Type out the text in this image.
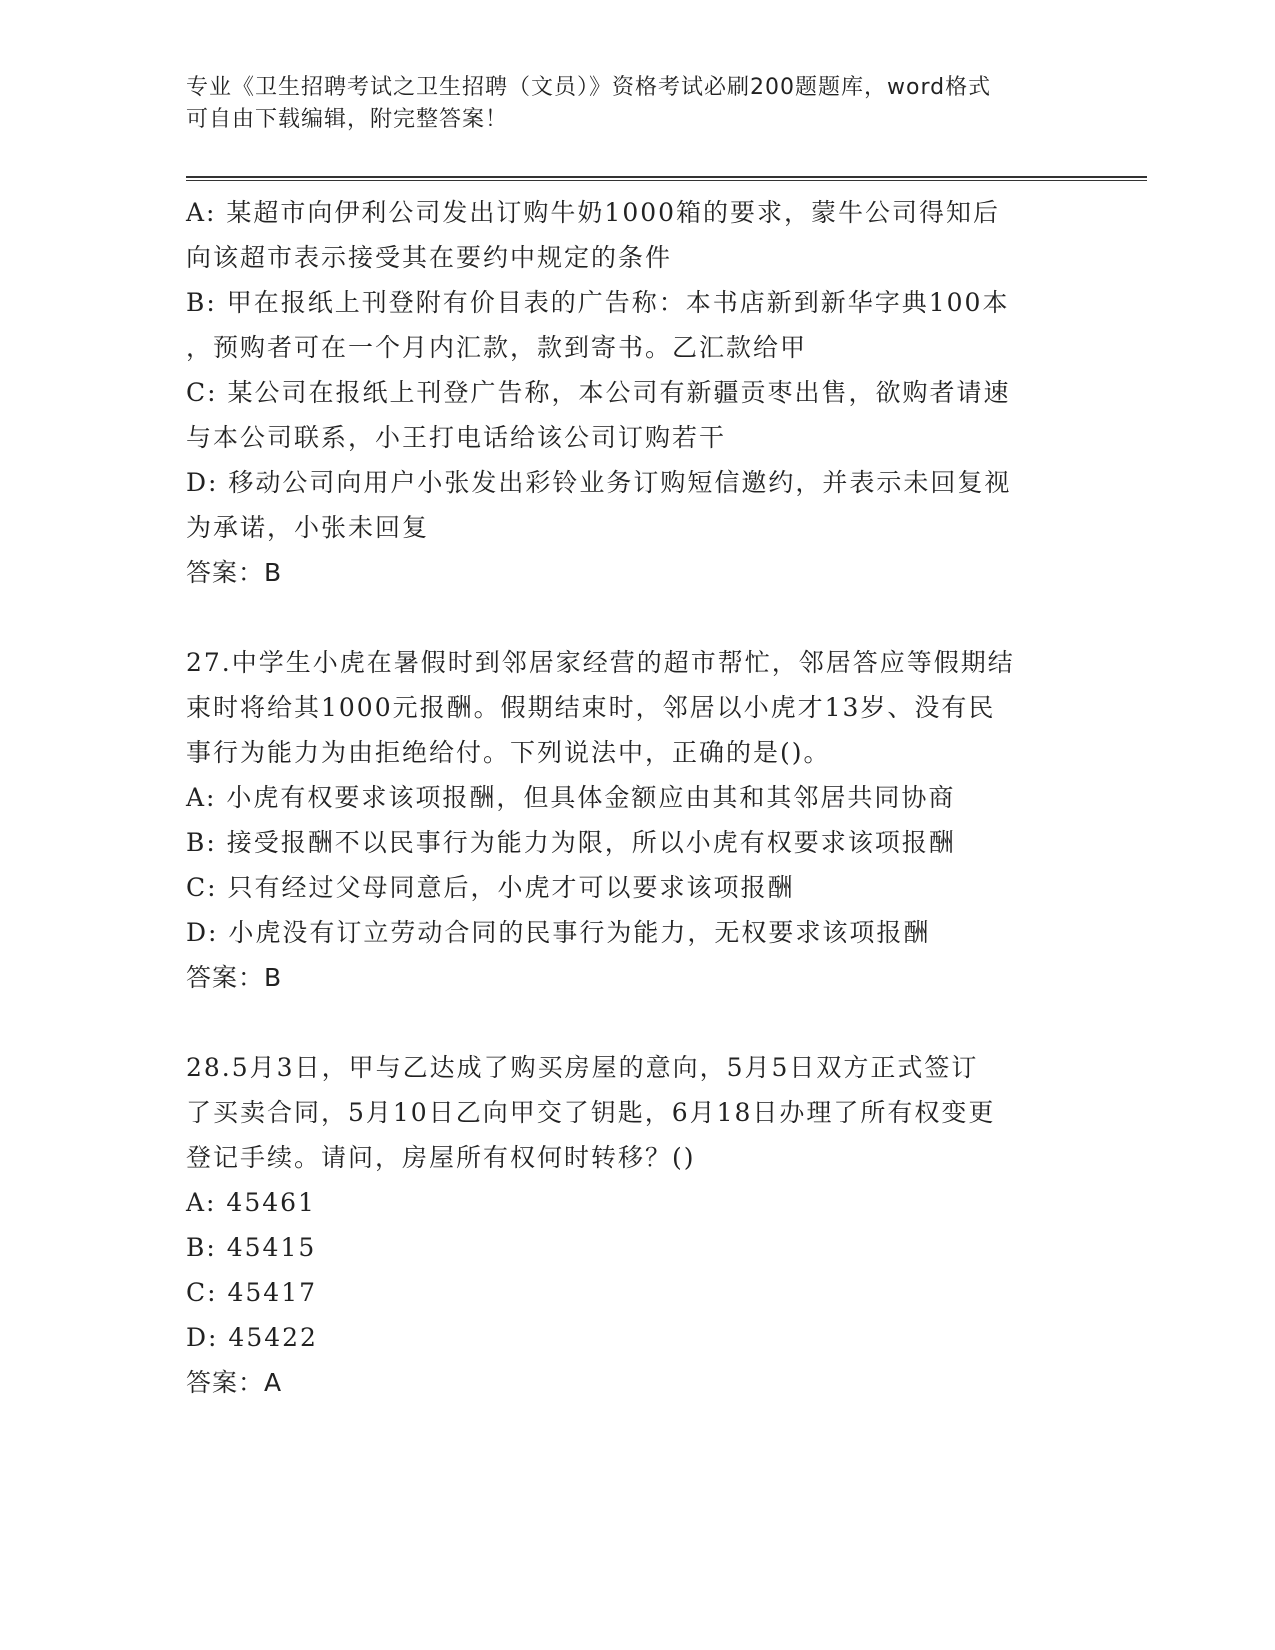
专业《卫生招聘考试之卫生招聘（文员）》资格考试必刷200题题库，word格式
可自由下载编辑，附完整答案！
A: 某超市向伊利公司发出订购牛奶1000箱的要求，蒙牛公司得知后
向该超市表示接受其在要约中规定的条件
B: 甲在报纸上刊登附有价目表的广告称：本书店新到新华字典100本
，预购者可在一个月内汇款，款到寄书。乙汇款给甲
C: 某公司在报纸上刊登广告称，本公司有新疆贡枣出售，欲购者请速
与本公司联系，小王打电话给该公司订购若干
D: 移动公司向用户小张发出彩铃业务订购短信邀约，并表示未回复视
为承诺，小张未回复
答案：B
27.中学生小虎在暑假时到邻居家经营的超市帮忙，邻居答应等假期结
束时将给其1000元报酬。假期结束时，邻居以小虎才13岁、没有民
事行为能力为由拒绝给付。下列说法中，正确的是()。
A: 小虎有权要求该项报酬，但具体金额应由其和其邻居共同协商
B: 接受报酬不以民事行为能力为限，所以小虎有权要求该项报酬
C: 只有经过父母同意后，小虎才可以要求该项报酬
D: 小虎没有订立劳动合同的民事行为能力，无权要求该项报酬
答案：B
28.5月3日，甲与乙达成了购买房屋的意向，5月5日双方正式签订
了买卖合同，5月10日乙向甲交了钥匙，6月18日办理了所有权变更
登记手续。请问，房屋所有权何时转移？()
A: 45461
B: 45415
C: 45417
D: 45422
答案：A
